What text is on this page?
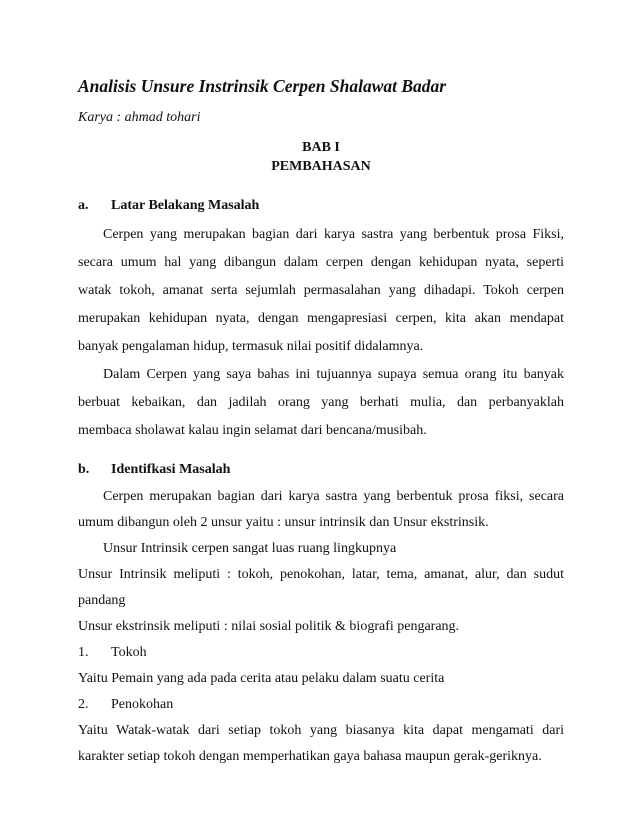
Analisis Unsure Instrinsik Cerpen Shalawat Badar
Karya : ahmad tohari
BAB I
PEMBAHASAN
a. Latar Belakang Masalah
Cerpen yang merupakan bagian dari karya sastra yang berbentuk prosa Fiksi,
secara umum hal yang dibangun dalam cerpen dengan kehidupan nyata, seperti
watak tokoh, amanat serta sejumlah permasalahan yang dihadapi. Tokoh cerpen
merupakan kehidupan nyata, dengan mengapresiasi cerpen, kita akan mendapat
banyak pengalaman hidup, termasuk nilai positif didalamnya.
Dalam Cerpen yang saya bahas ini tujuannya supaya semua orang itu banyak
berbuat kebaikan, dan jadilah orang yang berhati mulia, dan perbanyaklah
membaca sholawat kalau ingin selamat dari bencana/musibah.
b. Identifkasi Masalah
Cerpen merupakan bagian dari karya sastra yang berbentuk prosa fiksi, secara
umum dibangun oleh 2 unsur yaitu : unsur intrinsik dan Unsur ekstrinsik.
Unsur Intrinsik cerpen sangat luas ruang lingkupnya
Unsur Intrinsik meliputi : tokoh, penokohan, latar, tema, amanat, alur, dan sudut
pandang
Unsur ekstrinsik meliputi : nilai sosial politik & biografi pengarang.
1. Tokoh
Yaitu Pemain yang ada pada cerita atau pelaku dalam suatu cerita
2. Penokohan
Yaitu Watak-watak dari setiap tokoh yang biasanya kita dapat mengamati dari
karakter setiap tokoh dengan memperhatikan gaya bahasa maupun gerak-geriknya.
